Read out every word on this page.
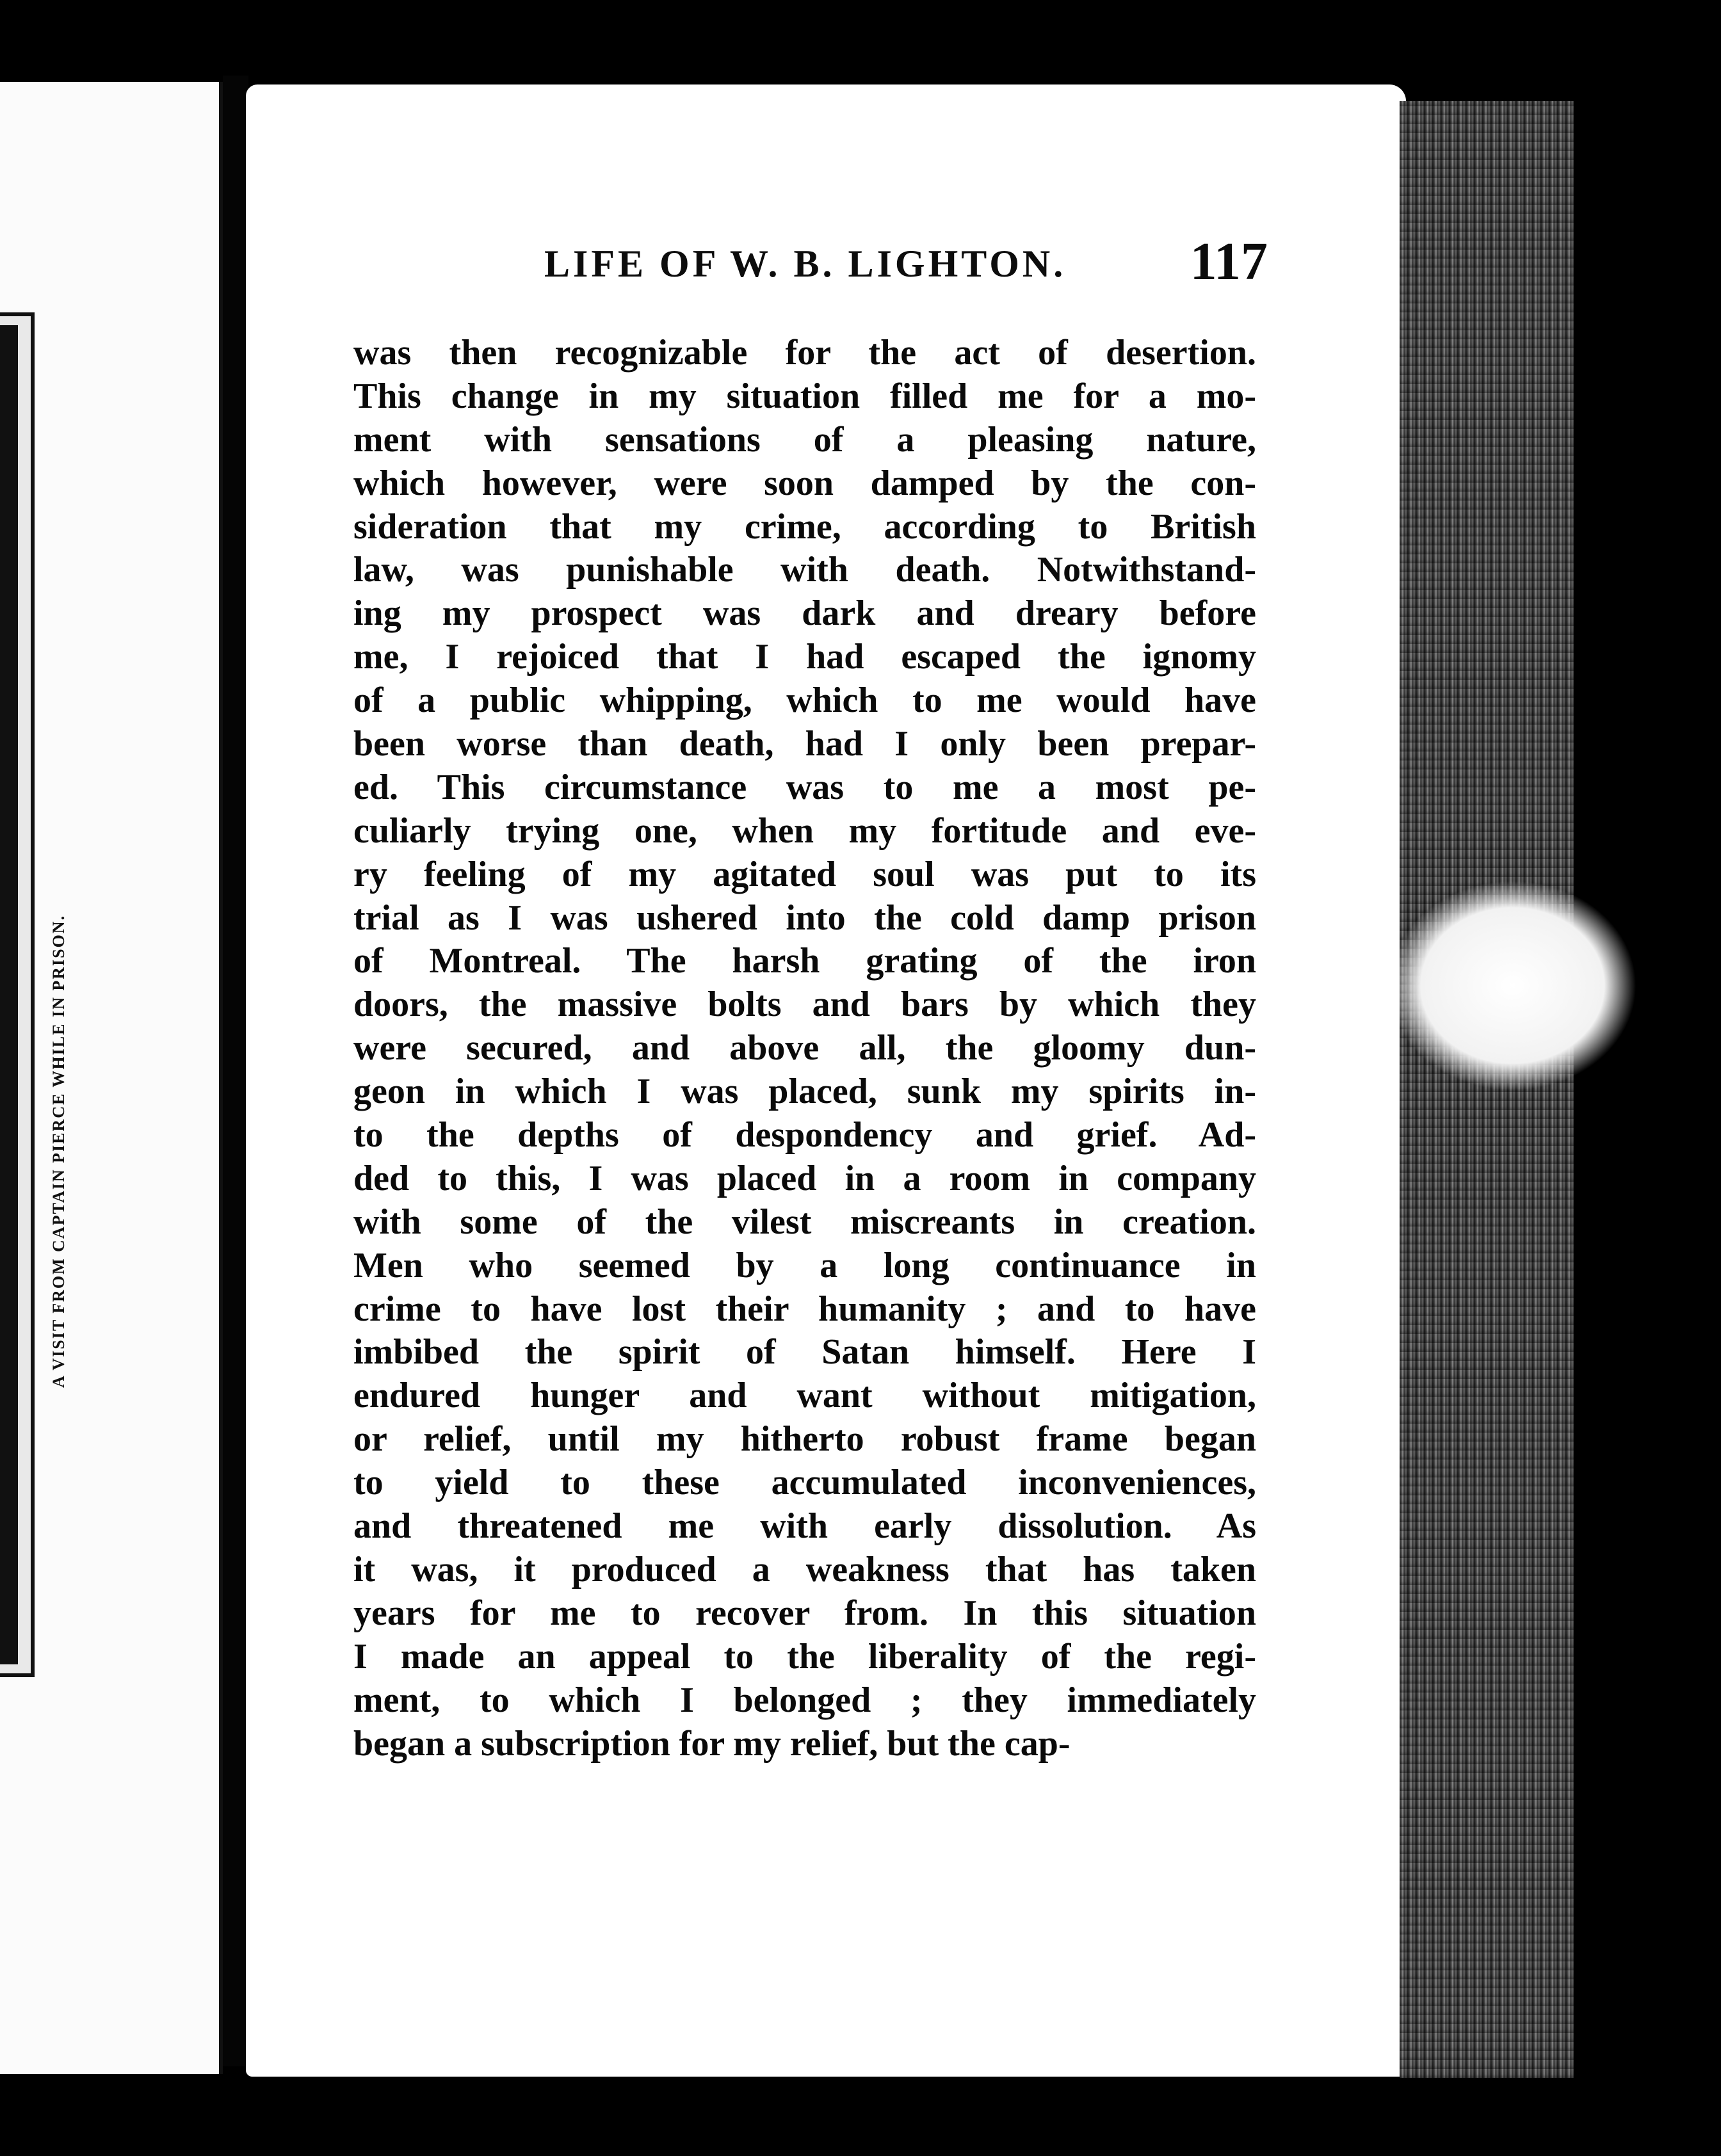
A VISIT FROM CAPTAIN PIERCE WHILE IN PRISON.
LIFE OF W. B. LIGHTON. 117
was then recognizable for the act of desertion.
This change in my situation filled me for a mo-
ment with sensations of a pleasing nature,
which however, were soon damped by the con-
sideration that my crime, according to British
law, was punishable with death. Notwithstand-
ing my prospect was dark and dreary before
me, I rejoiced that I had escaped the ignomy
of a public whipping, which to me would have
been worse than death, had I only been prepar-
ed. This circumstance was to me a most pe-
culiarly trying one, when my fortitude and eve-
ry feeling of my agitated soul was put to its
trial as I was ushered into the cold damp prison
of Montreal. The harsh grating of the iron
doors, the massive bolts and bars by which they
were secured, and above all, the gloomy dun-
geon in which I was placed, sunk my spirits in-
to the depths of despondency and grief. Ad-
ded to this, I was placed in a room in company
with some of the vilest miscreants in creation.
Men who seemed by a long continuance in
crime to have lost their humanity ; and to have
imbibed the spirit of Satan himself. Here I
endured hunger and want without mitigation,
or relief, until my hitherto robust frame began
to yield to these accumulated inconveniences,
and threatened me with early dissolution. As
it was, it produced a weakness that has taken
years for me to recover from. In this situation
I made an appeal to the liberality of the regi-
ment, to which I belonged ; they immediately
began a subscription for my relief, but the cap-
